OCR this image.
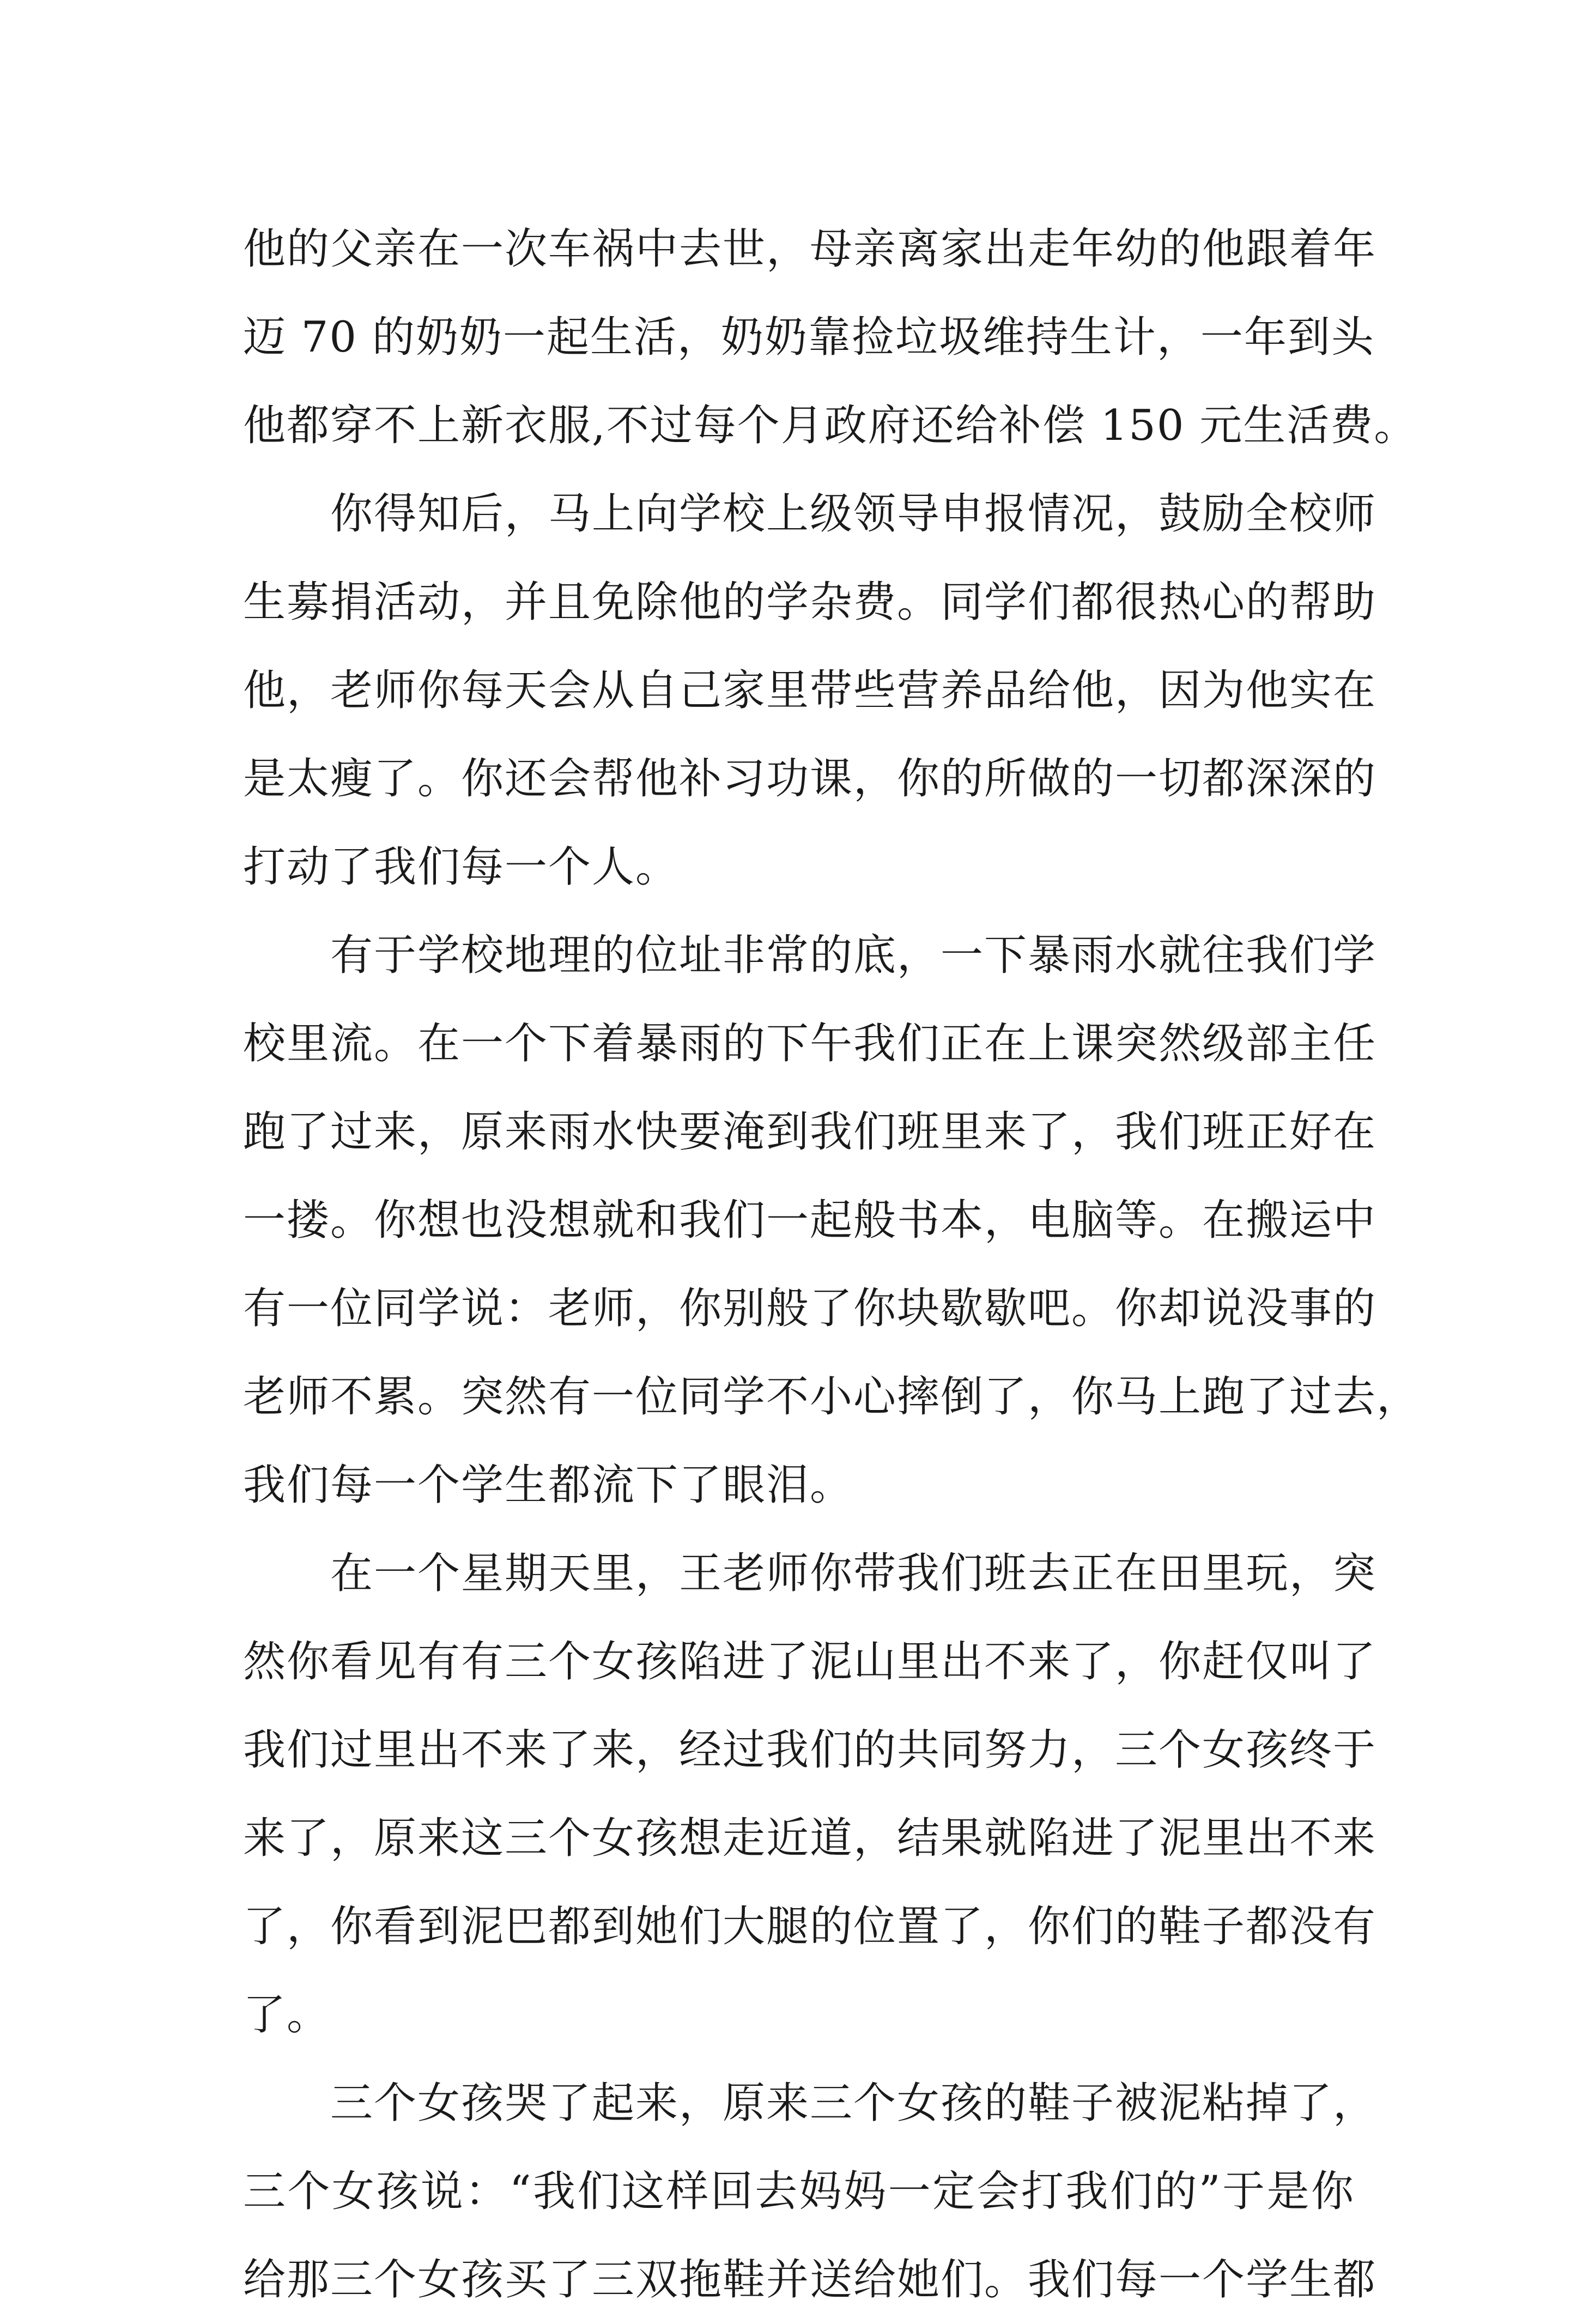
他的父亲在一次车祸中去世，母亲离家出走年幼的他跟着年
迈 70 的奶奶一起生活，奶奶靠捡垃圾维持生计，一年到头
他都穿不上新衣服,不过每个月政府还给补偿 150 元生活费。
你得知后，马上向学校上级领导申报情况，鼓励全校师
生募捐活动，并且免除他的学杂费。同学们都很热心的帮助
他，老师你每天会从自己家里带些营养品给他，因为他实在
是太瘦了。你还会帮他补习功课，你的所做的一切都深深的
打动了我们每一个人。
有于学校地理的位址非常的底，一下暴雨水就往我们学
校里流。在一个下着暴雨的下午我们正在上课突然级部主任
跑了过来，原来雨水快要淹到我们班里来了，我们班正好在
一搂。你想也没想就和我们一起般书本，电脑等。在搬运中
有一位同学说：老师，你别般了你块歇歇吧。你却说没事的
老师不累。突然有一位同学不小心摔倒了，你马上跑了过去，
我们每一个学生都流下了眼泪。
在一个星期天里，王老师你带我们班去正在田里玩，突
然你看见有有三个女孩陷进了泥山里出不来了，你赶仅叫了
我们过里出不来了来，经过我们的共同努力，三个女孩终于
来了，原来这三个女孩想走近道，结果就陷进了泥里出不来
了，你看到泥巴都到她们大腿的位置了，你们的鞋子都没有
了。
三个女孩哭了起来，原来三个女孩的鞋子被泥粘掉了，
三个女孩说：“我们这样回去妈妈一定会打我们的”于是你
给那三个女孩买了三双拖鞋并送给她们。我们每一个学生都
